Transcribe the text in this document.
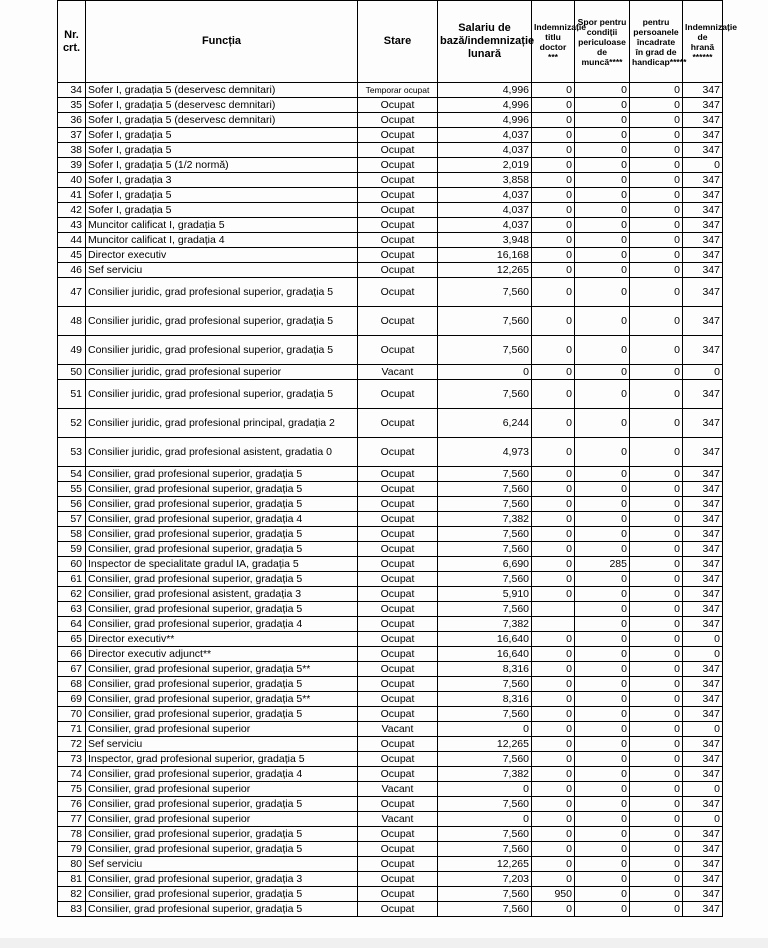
Nr. crt.	Funcția	Stare	Salariu de bază/indemnizație lunară	Indemnizație titlu doctor ***	Spor pentru condiții periculoase de muncă****	pentru persoanele încadrate în grad de handicap*****	Indemnizație de hrană ******
34	Sofer I, gradația 5 (deservesc demnitari)	Temporar ocupat	4,996	0	0	0	347
35	Sofer I, gradația 5 (deservesc demnitari)	Ocupat	4,996	0	0	0	347
36	Sofer I, gradația 5 (deservesc demnitari)	Ocupat	4,996	0	0	0	347
37	Sofer I, gradația 5	Ocupat	4,037	0	0	0	347
38	Sofer I, gradația 5	Ocupat	4,037	0	0	0	347
39	Sofer I, gradația 5 (1/2 normă)	Ocupat	2,019	0	0	0	0
40	Sofer I, gradația 3	Ocupat	3,858	0	0	0	347
41	Sofer I, gradația 5	Ocupat	4,037	0	0	0	347
42	Sofer I, gradația 5	Ocupat	4,037	0	0	0	347
43	Muncitor calificat I, gradația 5	Ocupat	4,037	0	0	0	347
44	Muncitor calificat I, gradația 4	Ocupat	3,948	0	0	0	347
45	Director executiv	Ocupat	16,168	0	0	0	347
46	Sef serviciu	Ocupat	12,265	0	0	0	347
47	Consilier juridic, grad profesional superior, gradația 5	Ocupat	7,560	0	0	0	347
48	Consilier juridic, grad profesional superior, gradația 5	Ocupat	7,560	0	0	0	347
49	Consilier juridic, grad profesional superior, gradația 5	Ocupat	7,560	0	0	0	347
50	Consilier juridic, grad profesional superior	Vacant	0	0	0	0	0
51	Consilier juridic, grad profesional superior, gradația 5	Ocupat	7,560	0	0	0	347
52	Consilier juridic, grad profesional principal, gradația 2	Ocupat	6,244	0	0	0	347
53	Consilier juridic, grad profesional asistent, gradatia 0	Ocupat	4,973	0	0	0	347
54	Consilier, grad profesional superior, gradația 5	Ocupat	7,560	0	0	0	347
55	Consilier, grad profesional superior, gradația 5	Ocupat	7,560	0	0	0	347
56	Consilier, grad profesional superior, gradația 5	Ocupat	7,560	0	0	0	347
57	Consilier, grad profesional superior, gradația 4	Ocupat	7,382	0	0	0	347
58	Consilier, grad profesional superior, gradația 5	Ocupat	7,560	0	0	0	347
59	Consilier, grad profesional superior, gradația 5	Ocupat	7,560	0	0	0	347
60	Inspector de specialitate gradul IA, gradația 5	Ocupat	6,690	0	285	0	347
61	Consilier, grad profesional superior, gradația 5	Ocupat	7,560	0	0	0	347
62	Consilier, grad profesional asistent, gradația 3	Ocupat	5,910	0	0	0	347
63	Consilier, grad profesional superior, gradația 5	Ocupat	7,560		0	0	347
64	Consilier, grad profesional superior, gradația 4	Ocupat	7,382		0	0	347
65	Director executiv**	Ocupat	16,640	0	0	0	0
66	Director executiv adjunct**	Ocupat	16,640	0	0	0	0
67	Consilier, grad profesional superior, gradația 5**	Ocupat	8,316	0	0	0	347
68	Consilier, grad profesional superior, gradația 5	Ocupat	7,560	0	0	0	347
69	Consilier, grad profesional superior, gradația 5**	Ocupat	8,316	0	0	0	347
70	Consilier, grad profesional superior, gradația 5	Ocupat	7,560	0	0	0	347
71	Consilier, grad profesional superior	Vacant	0	0	0	0	0
72	Sef serviciu	Ocupat	12,265	0	0	0	347
73	Inspector, grad profesional superior, gradația 5	Ocupat	7,560	0	0	0	347
74	Consilier, grad profesional superior, gradația 4	Ocupat	7,382	0	0	0	347
75	Consilier, grad profesional superior	Vacant	0	0	0	0	0
76	Consilier, grad profesional superior, gradația 5	Ocupat	7,560	0	0	0	347
77	Consilier, grad profesional superior	Vacant	0	0	0	0	0
78	Consilier, grad profesional superior, gradația 5	Ocupat	7,560	0	0	0	347
79	Consilier, grad profesional superior, gradația 5	Ocupat	7,560	0	0	0	347
80	Sef serviciu	Ocupat	12,265	0	0	0	347
81	Consilier, grad profesional superior, gradația 3	Ocupat	7,203	0	0	0	347
82	Consilier, grad profesional superior, gradația 5	Ocupat	7,560	950	0	0	347
83	Consilier, grad profesional superior, gradația 5	Ocupat	7,560	0	0	0	347
